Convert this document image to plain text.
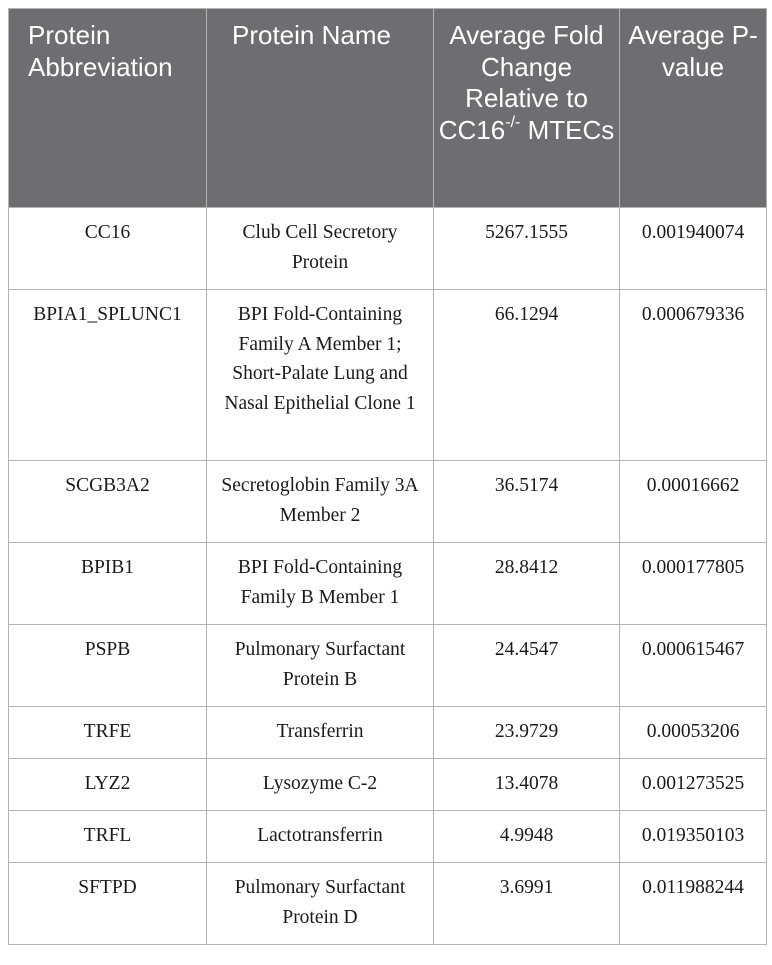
Protein Abbreviation	Protein Name	Average Fold Change Relative to CC16-/- MTECs	Average P-value
CC16	Club Cell Secretory Protein	5267.1555	0.001940074
BPIA1_SPLUNC1	BPI Fold-Containing Family A Member 1; Short-Palate Lung and Nasal Epithelial Clone 1	66.1294	0.000679336
SCGB3A2	Secretoglobin Family 3A Member 2	36.5174	0.00016662
BPIB1	BPI Fold-Containing Family B Member 1	28.8412	0.000177805
PSPB	Pulmonary Surfactant Protein B	24.4547	0.000615467
TRFE	Transferrin	23.9729	0.00053206
LYZ2	Lysozyme C-2	13.4078	0.001273525
TRFL	Lactotransferrin	4.9948	0.019350103
SFTPD	Pulmonary Surfactant Protein D	3.6991	0.011988244
